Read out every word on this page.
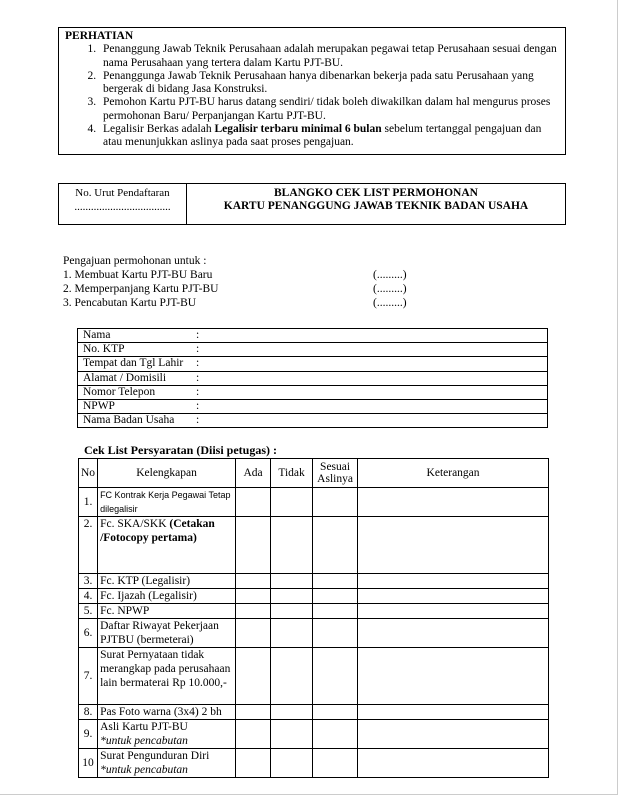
PERHATIAN
1. Penanggung Jawab Teknik Perusahaan adalah merupakan pegawai tetap Perusahaan sesuai dengan nama Perusahaan yang tertera dalam Kartu PJT-BU.
2. Penanggunga Jawab Teknik Perusahaan hanya dibenarkan bekerja pada satu Perusahaan yang bergerak di bidang Jasa Konstruksi.
3. Pemohon Kartu PJT-BU harus datang sendiri/ tidak boleh diwakilkan dalam hal mengurus proses permohonan Baru/ Perpanjangan Kartu PJT-BU.
4. Legalisir Berkas adalah Legalisir terbaru minimal 6 bulan sebelum tertanggal pengajuan dan atau menunjukkan aslinya pada saat proses pengajuan.
No. Urut Pendaftaran
...................................
BLANGKO CEK LIST PERMOHONAN
KARTU PENANGGUNG JAWAB TEKNIK BADAN USAHA
Pengajuan permohonan untuk :
1. Membuat Kartu PJT-BU Baru	(.........)
2. Memperpanjang Kartu PJT-BU	(.........)
3. Pencabutan Kartu PJT-BU	(.........)
Nama	:	
No. KTP	:	
Tempat dan Tgl Lahir	:	
Alamat / Domisili	:	
Nomor Telepon	:	
NPWP	:	
Nama Badan Usaha	:	
Cek List Persyaratan (Diisi petugas) :
No	Kelengkapan	Ada	Tidak	Sesuai Aslinya	Keterangan
1.	FC Kontrak Kerja Pegawai Tetap dilegalisir				
2.	Fc. SKA/SKK (Cetakan /Fotocopy pertama)				
3.	Fc. KTP (Legalisir)				
4.	Fc. Ijazah (Legalisir)				
5.	Fc. NPWP				
6.	Daftar Riwayat Pekerjaan PJTBU (bermeterai)				
7.	Surat Pernyataan tidak merangkap pada perusahaan lain bermaterai Rp 10.000,-				
8.	Pas Foto warna (3x4) 2 bh				
9.	Asli Kartu PJT-BU
*untuk pencabutan				

10	Surat Pengunduran Diri
*untuk pencabutan				
